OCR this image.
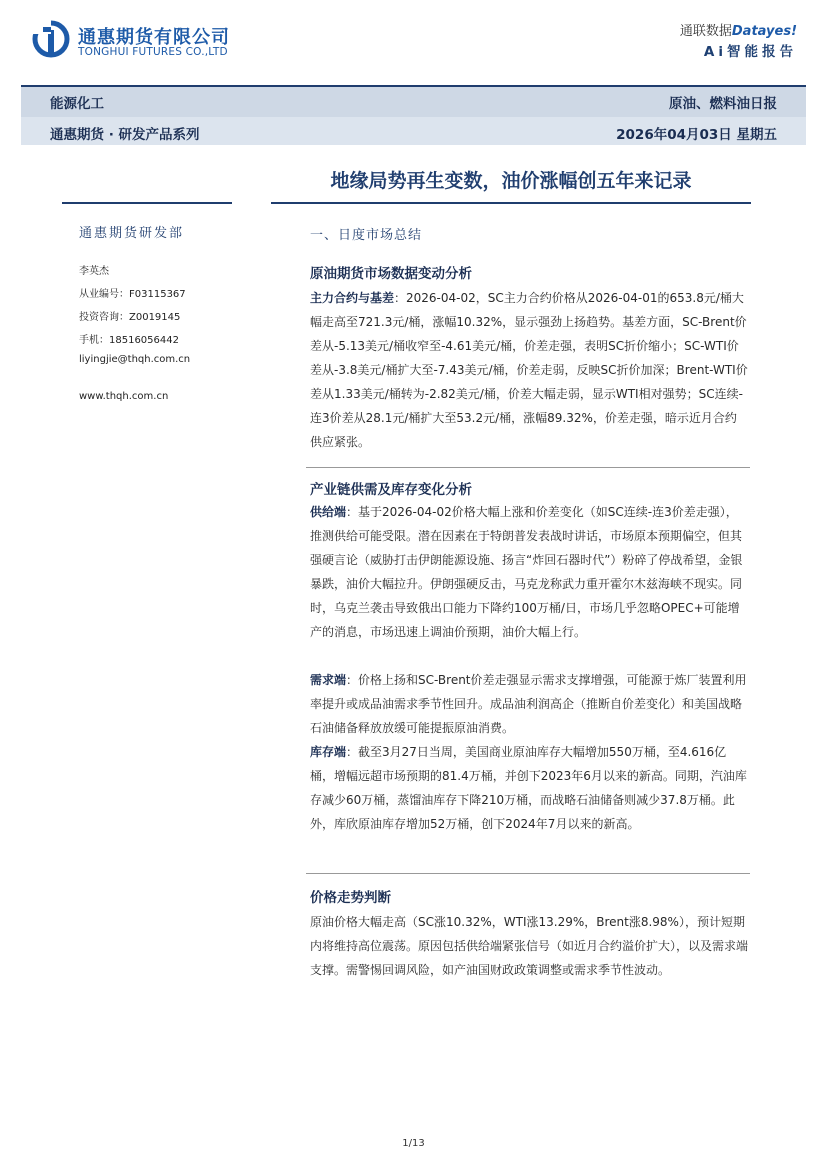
通惠期货有限公司
TONGHUI FUTURES CO.,LTD
通联数据Datayes!
Ai智能报告
能源化工	原油、燃料油日报
通惠期货 · 研发产品系列	2026年04月03日 星期五
地缘局势再生变数，油价涨幅创五年来记录
通惠期货研发部
李英杰
从业编号：F03115367
投资咨询：Z0019145
手机：18516056442
liyingjie@thqh.com.cn
www.thqh.com.cn
一、日度市场总结
原油期货市场数据变动分析
主力合约与基差：2026-04-02，SC主力合约价格从2026-04-01的653.8元/桶大幅走高至721.3元/桶，涨幅10.32%，显示强劲上扬趋势。基差方面，SC-Brent价差从-5.13美元/桶收窄至-4.61美元/桶，价差走强，表明SC折价缩小；SC-WTI价差从-3.8美元/桶扩大至-7.43美元/桶，价差走弱，反映SC折价加深；Brent-WTI价差从1.33美元/桶转为-2.82美元/桶，价差大幅走弱，显示WTI相对强势；SC连续-连3价差从28.1元/桶扩大至53.2元/桶，涨幅89.32%，价差走强，暗示近月合约供应紧张。
产业链供需及库存变化分析
供给端：基于2026-04-02价格大幅上涨和价差变化（如SC连续-连3价差走强），推测供给可能受限。潜在因素在于特朗普发表战时讲话，市场原本预期偏空，但其强硬言论（威胁打击伊朗能源设施、扬言“炸回石器时代”）粉碎了停战希望，金银暴跌，油价大幅拉升。伊朗强硬反击，马克龙称武力重开霍尔木兹海峡不现实。同时，乌克兰袭击导致俄出口能力下降约100万桶/日，市场几乎忽略OPEC+可能增产的消息，市场迅速上调油价预期，油价大幅上行。
需求端：价格上扬和SC-Brent价差走强显示需求支撑增强，可能源于炼厂装置利用率提升或成品油需求季节性回升。成品油利润高企（推断自价差变化）和美国战略石油储备释放放缓可能提振原油消费。
库存端：截至3月27日当周，美国商业原油库存大幅增加550万桶，至4.616亿桶，增幅远超市场预期的81.4万桶，并创下2023年6月以来的新高。同期，汽油库存减少60万桶，蒸馏油库存下降210万桶，而战略石油储备则减少37.8万桶。此外，库欣原油库存增加52万桶，创下2024年7月以来的新高。
价格走势判断
原油价格大幅走高（SC涨10.32%，WTI涨13.29%，Brent涨8.98%），预计短期内将维持高位震荡。原因包括供给端紧张信号（如近月合约溢价扩大），以及需求端支撑。需警惕回调风险，如产油国财政政策调整或需求季节性波动。
1/13
